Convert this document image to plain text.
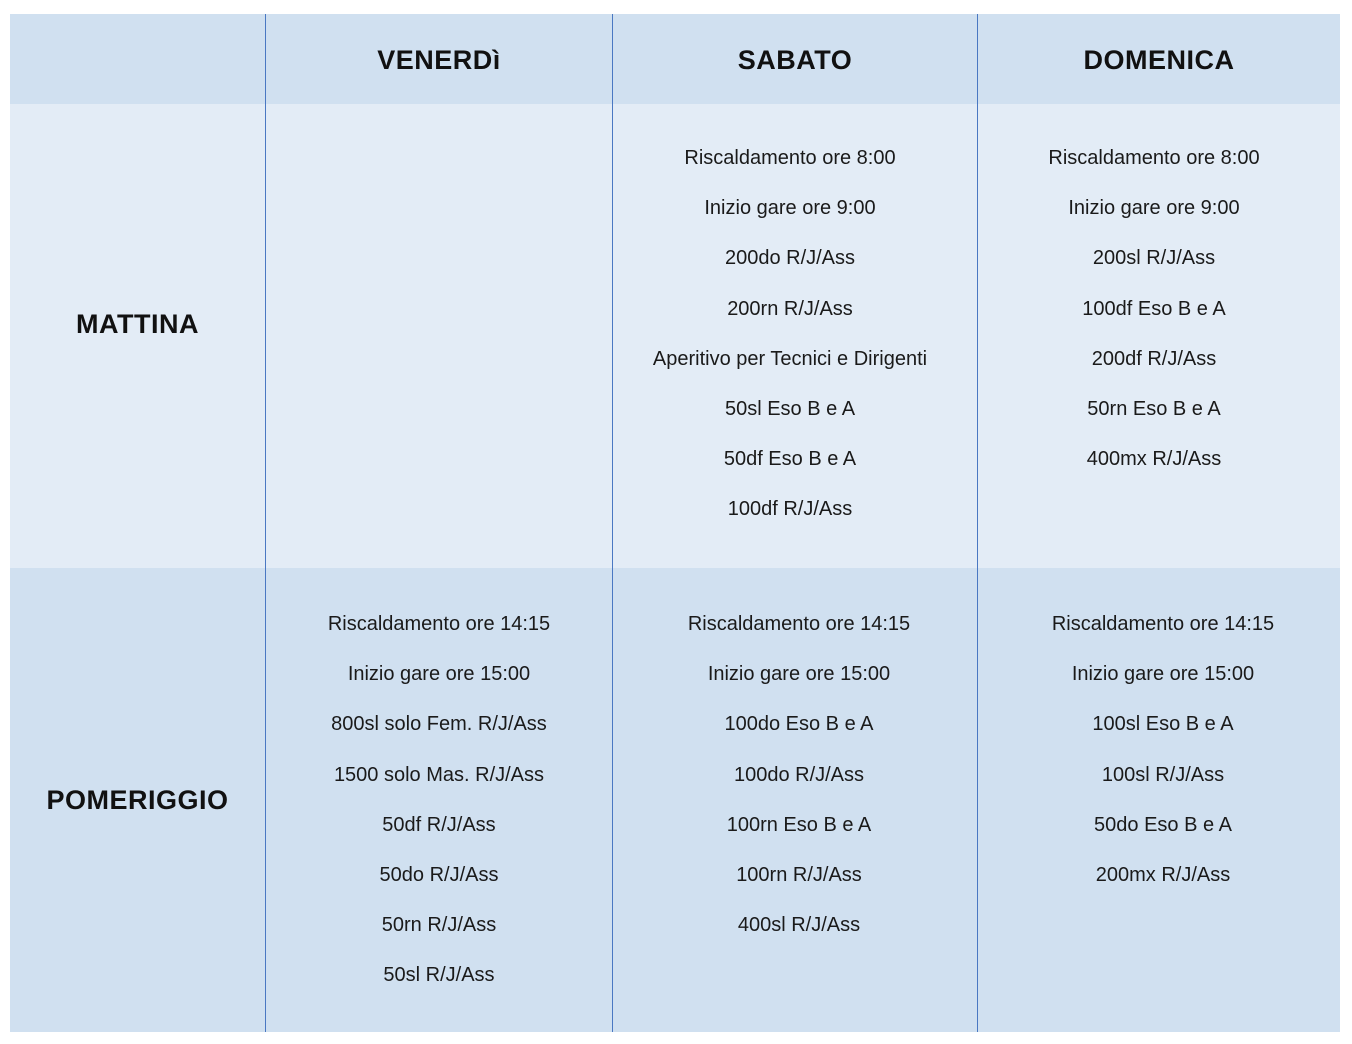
VENERDì	SABATO	DOMENICA
MATTINA
Riscaldamento ore 8:00
Inizio gare ore 9:00
200do R/J/Ass
200rn R/J/Ass
Aperitivo per Tecnici e Dirigenti
50sl Eso B e A
50df Eso B e A
100df R/J/Ass
Riscaldamento ore 8:00
Inizio gare ore 9:00
200sl R/J/Ass
100df Eso B e A
200df R/J/Ass
50rn Eso B e A
400mx R/J/Ass
POMERIGGIO
Riscaldamento ore 14:15
Inizio gare ore 15:00
800sl solo Fem. R/J/Ass
1500 solo Mas. R/J/Ass
50df R/J/Ass
50do R/J/Ass
50rn R/J/Ass
50sl R/J/Ass
Riscaldamento ore 14:15
Inizio gare ore 15:00
100do Eso B e A
100do R/J/Ass
100rn Eso B e A
100rn R/J/Ass
400sl R/J/Ass
Riscaldamento ore 14:15
Inizio gare ore 15:00
100sl Eso B e A
100sl R/J/Ass
50do Eso B e A
200mx R/J/Ass
